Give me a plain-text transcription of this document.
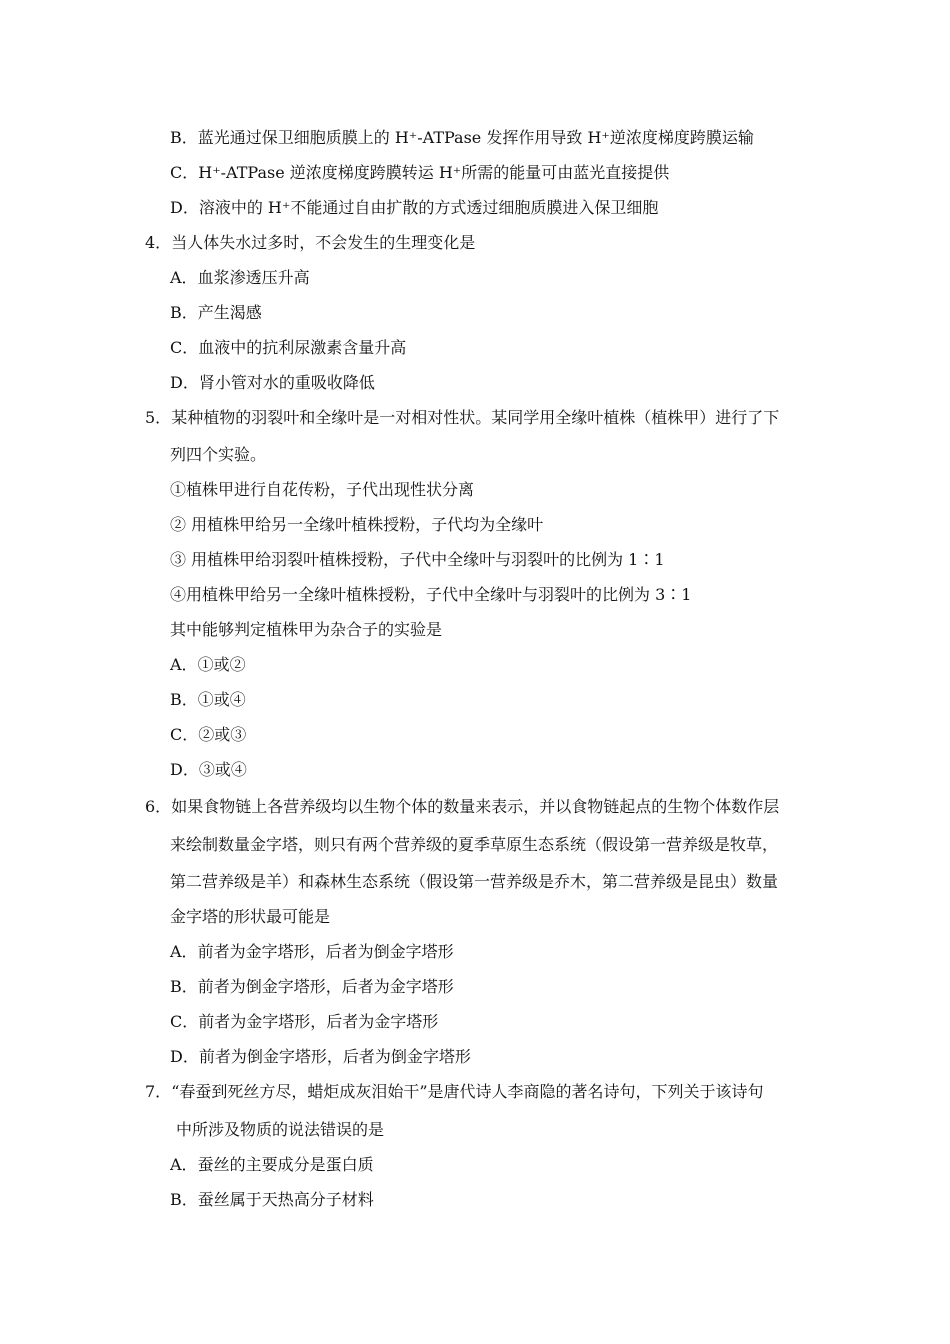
B．蓝光通过保卫细胞质膜上的 H⁺-ATPase 发挥作用导致 H⁺逆浓度梯度跨膜运输
C．H⁺-ATPase 逆浓度梯度跨膜转运 H⁺所需的能量可由蓝光直接提供
D．溶液中的 H⁺不能通过自由扩散的方式透过细胞质膜进入保卫细胞
4．当人体失水过多时，不会发生的生理变化是
A．血浆渗透压升高
B．产生渴感
C．血液中的抗利尿激素含量升高
D．肾小管对水的重吸收降低
5．某种植物的羽裂叶和全缘叶是一对相对性状。某同学用全缘叶植株（植株甲）进行了下
列四个实验。
①植株甲进行自花传粉，子代出现性状分离
② 用植株甲给另一全缘叶植株授粉，子代均为全缘叶
③ 用植株甲给羽裂叶植株授粉，子代中全缘叶与羽裂叶的比例为 1∶1
④用植株甲给另一全缘叶植株授粉，子代中全缘叶与羽裂叶的比例为 3∶1
其中能够判定植株甲为杂合子的实验是
A．①或②
B．①或④
C．②或③
D．③或④
6．如果食物链上各营养级均以生物个体的数量来表示，并以食物链起点的生物个体数作层
来绘制数量金字塔，则只有两个营养级的夏季草原生态系统（假设第一营养级是牧草，
第二营养级是羊）和森林生态系统（假设第一营养级是乔木，第二营养级是昆虫）数量
金字塔的形状最可能是
A．前者为金字塔形，后者为倒金字塔形
B．前者为倒金字塔形，后者为金字塔形
C．前者为金字塔形，后者为金字塔形
D．前者为倒金字塔形，后者为倒金字塔形
7．“春蚕到死丝方尽，蜡炬成灰泪始干”是唐代诗人李商隐的著名诗句，下列关于该诗句
中所涉及物质的说法错误的是
A．蚕丝的主要成分是蛋白质
B．蚕丝属于天热高分子材料
